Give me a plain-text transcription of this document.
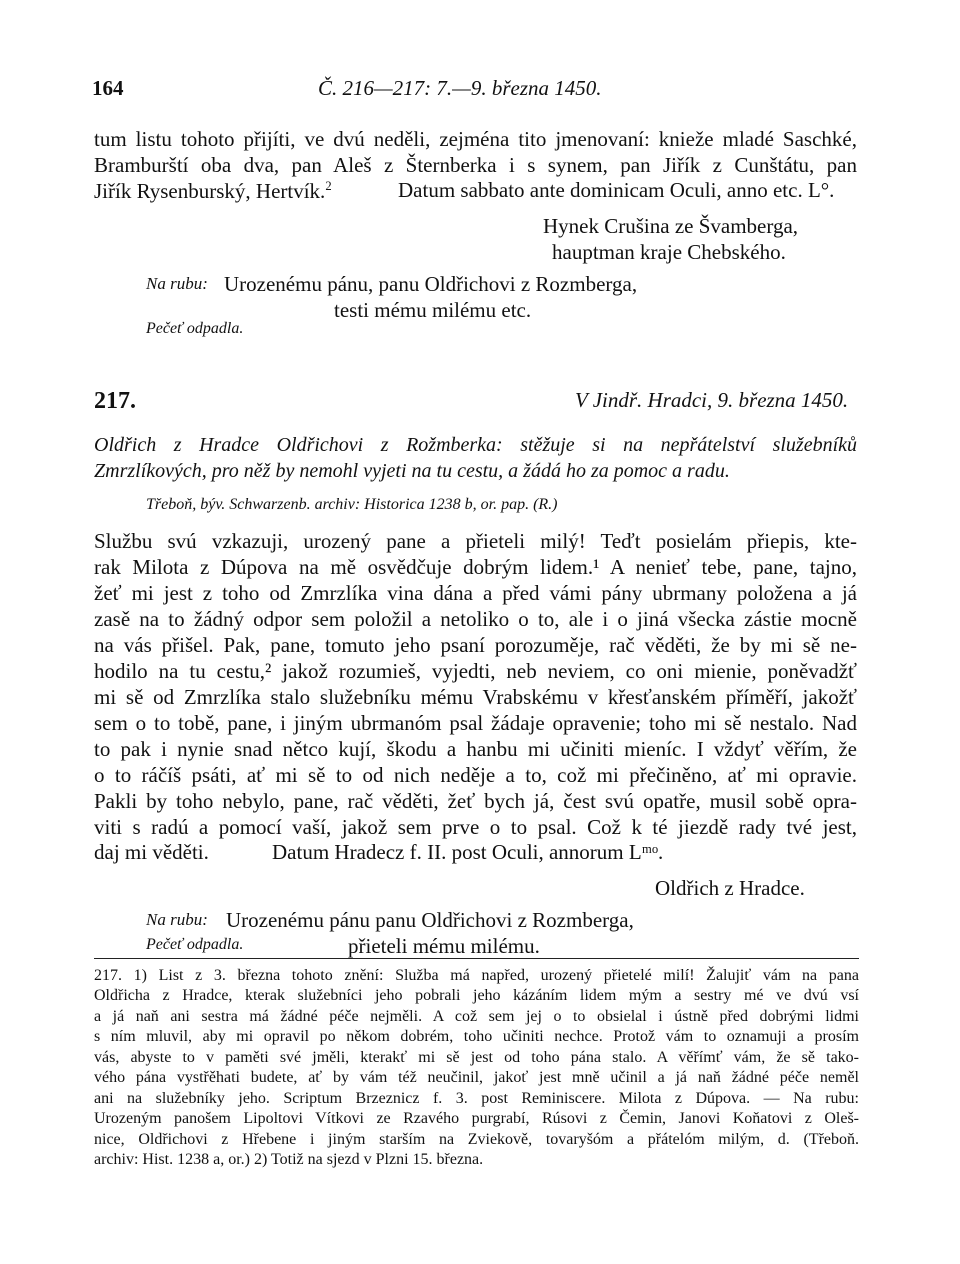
164	Č. 216—217: 7.—9. března 1450.
tum listu tohoto přijíti, ve dvú neděli, zejména tito jmenovaní: knieže mladé Saschké,
Bramburští oba dva, pan Aleš z Šternberka i s synem, pan Jiřík z Cunštátu, pan
Jiřík Rysenburský, Hertvík.$^2$	Datum sabbato ante dominicam Oculi, anno etc. L°.
Hynek Crušina ze Švamberga,
hauptman kraje Chebského.
Na rubu: Urozenému pánu, panu Oldřichovi z Rozmberga,
testi mému milému etc.
Pečeť odpadla.
217.	V Jindř. Hradci, 9. března 1450.
Oldřich z Hradce Oldřichovi z Rožmberka: stěžuje si na nepřátelství služebníků
Zmrzlíkových, pro něž by nemohl vyjeti na tu cestu, a žádá ho za pomoc a radu.
Třeboň, býv. Schwarzenb. archiv: Historica 1238 b, or. pap. (R.)
Službu svú vzkazuji, urozený pane a přieteli milý! Teďt posielám přiepis, kte-
rak Milota z Dúpova na mě osvědčuje dobrým lidem.¹ A nenieť tebe, pane, tajno,
žeť mi jest z toho od Zmrzlíka vina dána a před vámi pány ubrmany položena a já
zasě na to žádný odpor sem položil a netoliko o to, ale i o jiná všecka zástie mocně
na vás přišel. Pak, pane, tomuto jeho psaní porozuměje, rač věděti, že by mi sě ne-
hodilo na tu cestu,² jakož rozumieš, vyjedti, neb neviem, co oni mienie, poněvadžť
mi sě od Zmrzlíka stalo služebníku mému Vrabskému v křesťanském příměří, jakožť
sem o to tobě, pane, i jiným ubrmanóm psal žádaje opravenie; toho mi sě nestalo. Nad
to pak i nynie snad nětco kují, škodu a hanbu mi učiniti mieníc. I vždyť věřím, že
o to ráčíš psáti, ať mi sě to od nich neděje a to, což mi přečiněno, ať mi opravie.
Pakli by toho nebylo, pane, rač věděti, žeť bych já, čest svú opatře, musil sobě opra-
viti s radú a pomocí vaší, jakož sem prve o to psal. Což k té jiezdě rady tvé jest,
daj mi věděti.	Datum Hradecz f. II. post Oculi, annorum Lᵐᵒ.
Oldřich z Hradce.
Na rubu: Urozenému pánu panu Oldřichovi z Rozmberga,
přieteli mému milému.
Pečeť odpadla.
217. 1) List z 3. března tohoto znění: Služba má napřed, urozený přietelé milí! Žalujiť vám na pana
Oldřicha z Hradce, kterak služebníci jeho pobrali jeho kázáním lidem mým a sestry mé ve dvú vsí
a já naň ani sestra má žádné péče nejměli. A což sem jej o to obsielal i ústně před dobrými lidmi
s ním mluvil, aby mi opravil po někom dobrém, toho učiniti nechce. Protož vám to oznamuji a prosím
vás, abyste to v paměti své jměli, kterakť mi sě jest od toho pána stalo. A věřímť vám, že sě tako-
vého pána vystřěhati budete, ať by vám též neučinil, jakoť jest mně učinil a já naň žádné péče neměl
ani na služebníky jeho. Scriptum Brzeznicz f. 3. post Reminiscere. Milota z Dúpova. — Na rubu:
Urozeným panošem Lipoltovi Vítkovi ze Rzavého purgrabí, Rúsovi z Čemin, Janovi Koňatovi z Oleš-
nice, Oldřichovi z Hřebene i jiným starším na Zviekově, tovaryšóm a přátelóm milým, d. (Třeboň.
archiv: Hist. 1238 a, or.) 2) Totiž na sjezd v Plzni 15. března.
